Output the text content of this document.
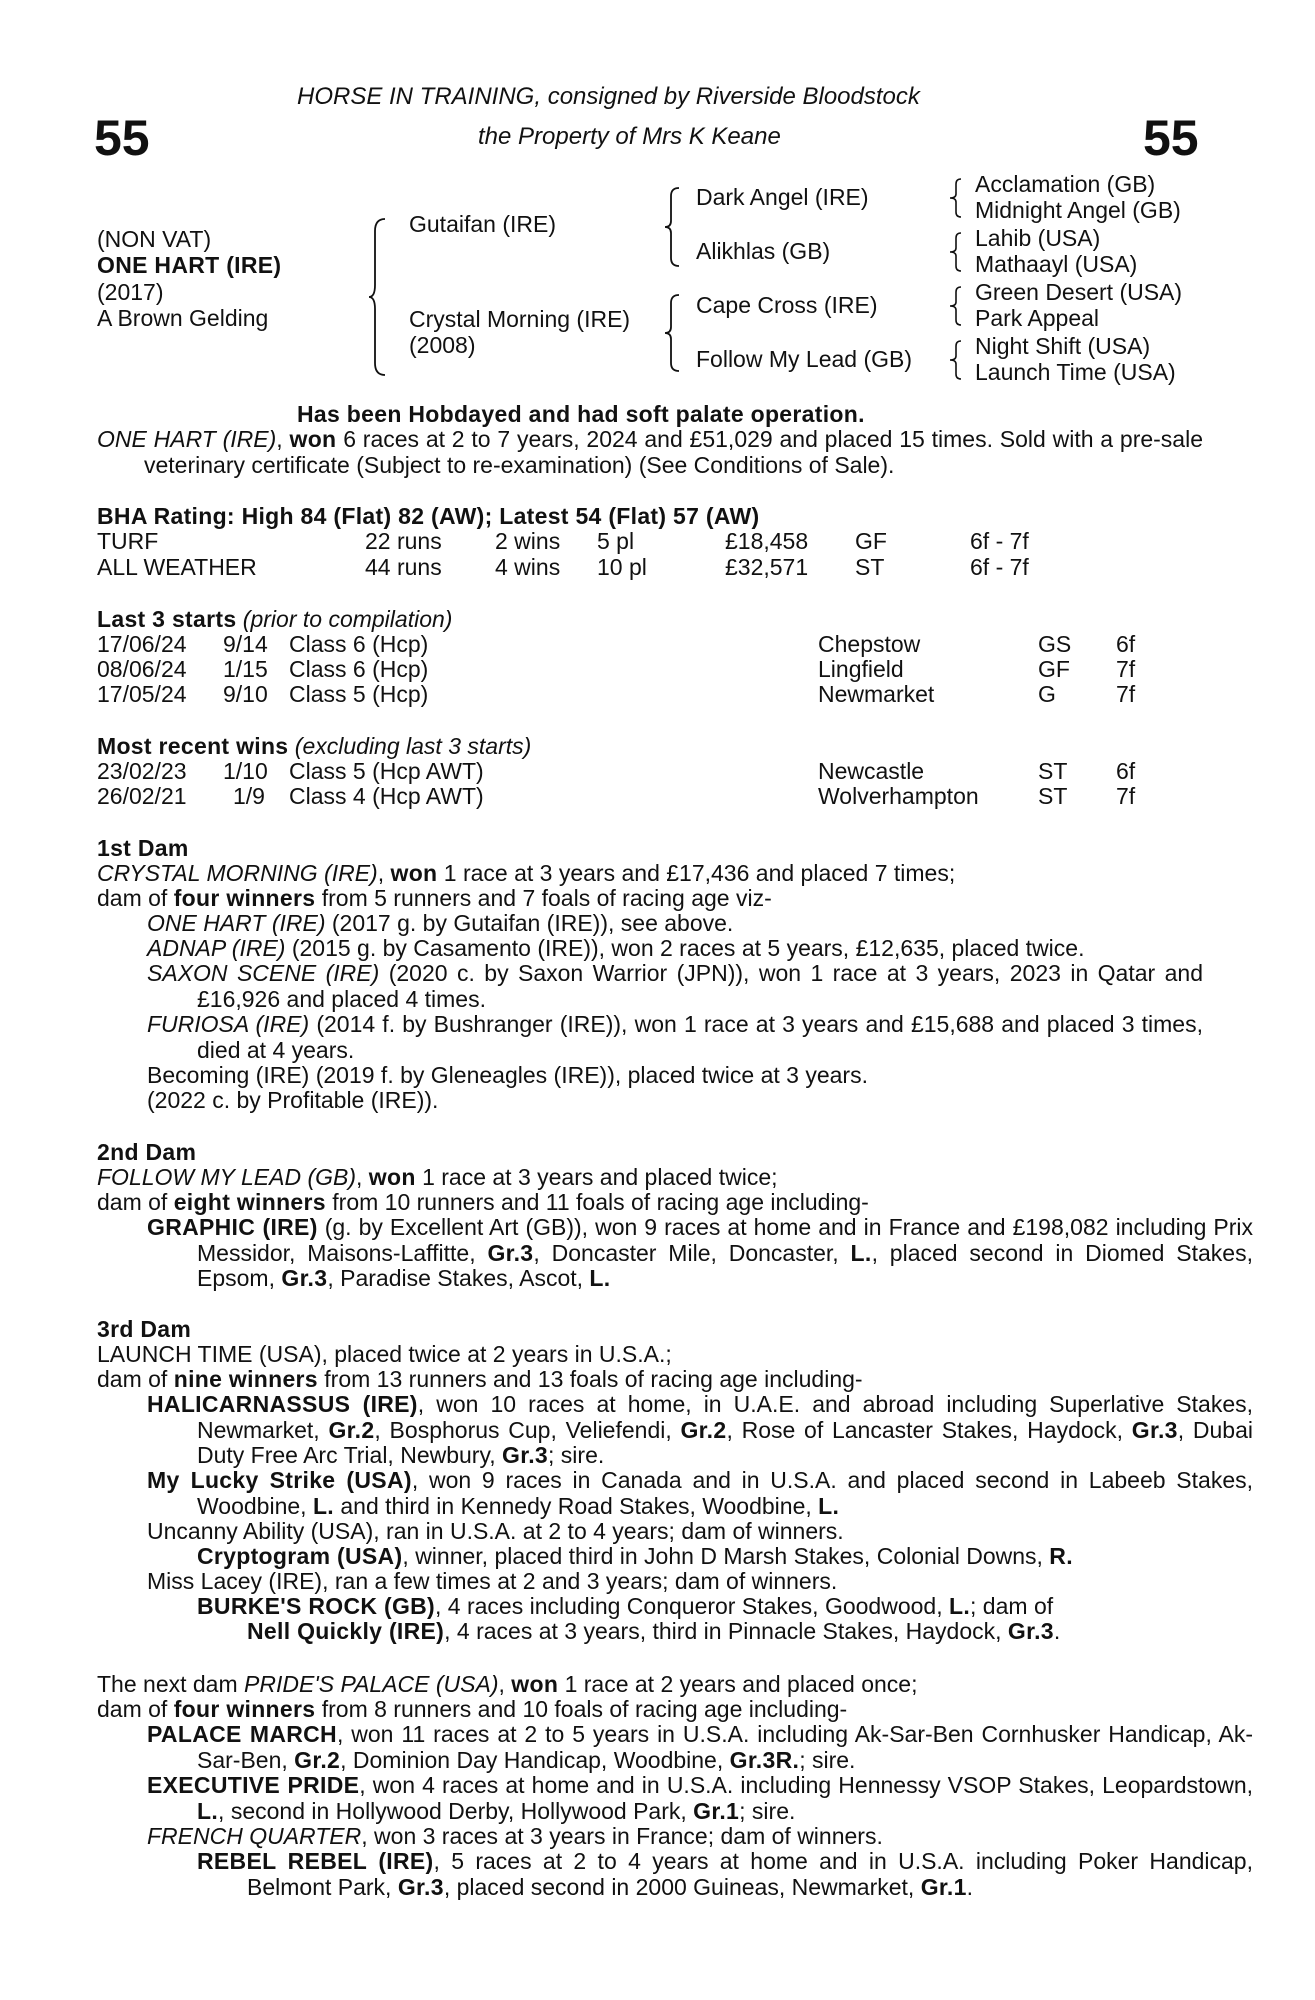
55	55
HORSE IN TRAINING, consigned by Riverside Bloodstock
the Property of Mrs K Keane
(NON VAT)
ONE HART (IRE)
(2017)
A Brown Gelding
Gutaifan (IRE)
Crystal Morning (IRE)
(2008)
Dark Angel (IRE)
Alikhlas (GB)
Cape Cross (IRE)
Follow My Lead (GB)
Acclamation (GB)
Midnight Angel (GB)
Lahib (USA)
Mathaayl (USA)
Green Desert (USA)
Park Appeal
Night Shift (USA)
Launch Time (USA)
Has been Hobdayed and had soft palate operation.
ONE HART (IRE), won 6 races at 2 to 7 years, 2024 and £51,029 and placed 15 times. Sold with a pre-sale veterinary certificate (Subject to re-examination) (See Conditions of Sale).
BHA Rating: High 84 (Flat) 82 (AW); Latest 54 (Flat) 57 (AW)
TURF	22 runs 2 wins 5 pl	£18,458 GF	6f - 7f
ALL WEATHER	44 runs 4 wins 10 pl	£32,571 ST	6f - 7f
Last 3 starts (prior to compilation)
17/06/24 9/14 Class 6 (Hcp)	Chepstow	GS 6f
08/06/24 1/15 Class 6 (Hcp)	Lingfield	GF 7f
17/05/24 9/10 Class 5 (Hcp)	Newmarket	G	7f
Most recent wins (excluding last 3 starts)
23/02/23 1/10 Class 5 (Hcp AWT)	Newcastle	ST 6f
26/02/21 1/9 Class 4 (Hcp AWT)	Wolverhampton	ST 7f
1st Dam
CRYSTAL MORNING (IRE), won 1 race at 3 years and £17,436 and placed 7 times;
dam of four winners from 5 runners and 7 foals of racing age viz-
ONE HART (IRE) (2017 g. by Gutaifan (IRE)), see above.
ADNAP (IRE) (2015 g. by Casamento (IRE)), won 2 races at 5 years, £12,635, placed twice.
SAXON SCENE (IRE) (2020 c. by Saxon Warrior (JPN)), won 1 race at 3 years, 2023 in Qatar and £16,926 and placed 4 times.
FURIOSA (IRE) (2014 f. by Bushranger (IRE)), won 1 race at 3 years and £15,688 and placed 3 times, died at 4 years.
Becoming (IRE) (2019 f. by Gleneagles (IRE)), placed twice at 3 years.
(2022 c. by Profitable (IRE)).
2nd Dam
FOLLOW MY LEAD (GB), won 1 race at 3 years and placed twice;
dam of eight winners from 10 runners and 11 foals of racing age including-
GRAPHIC (IRE) (g. by Excellent Art (GB)), won 9 races at home and in France and £198,082 including Prix Messidor, Maisons-Laffitte, Gr.3, Doncaster Mile, Doncaster, L., placed second in Diomed Stakes, Epsom, Gr.3, Paradise Stakes, Ascot, L.
3rd Dam
LAUNCH TIME (USA), placed twice at 2 years in U.S.A.;
dam of nine winners from 13 runners and 13 foals of racing age including-
HALICARNASSUS (IRE), won 10 races at home, in U.A.E. and abroad including Superlative Stakes, Newmarket, Gr.2, Bosphorus Cup, Veliefendi, Gr.2, Rose of Lancaster Stakes, Haydock, Gr.3, Dubai Duty Free Arc Trial, Newbury, Gr.3; sire.
My Lucky Strike (USA), won 9 races in Canada and in U.S.A. and placed second in Labeeb Stakes, Woodbine, L. and third in Kennedy Road Stakes, Woodbine, L.
Uncanny Ability (USA), ran in U.S.A. at 2 to 4 years; dam of winners.
Cryptogram (USA), winner, placed third in John D Marsh Stakes, Colonial Downs, R.
Miss Lacey (IRE), ran a few times at 2 and 3 years; dam of winners.
BURKE'S ROCK (GB), 4 races including Conqueror Stakes, Goodwood, L.; dam of
Nell Quickly (IRE), 4 races at 3 years, third in Pinnacle Stakes, Haydock, Gr.3.
The next dam PRIDE'S PALACE (USA), won 1 race at 2 years and placed once;
dam of four winners from 8 runners and 10 foals of racing age including-
PALACE MARCH, won 11 races at 2 to 5 years in U.S.A. including Ak-Sar-Ben Cornhusker Handicap, Ak-Sar-Ben, Gr.2, Dominion Day Handicap, Woodbine, Gr.3R.; sire.
EXECUTIVE PRIDE, won 4 races at home and in U.S.A. including Hennessy VSOP Stakes, Leopardstown, L., second in Hollywood Derby, Hollywood Park, Gr.1; sire.
FRENCH QUARTER, won 3 races at 3 years in France; dam of winners.
REBEL REBEL (IRE), 5 races at 2 to 4 years at home and in U.S.A. including Poker Handicap, Belmont Park, Gr.3, placed second in 2000 Guineas, Newmarket, Gr.1.
